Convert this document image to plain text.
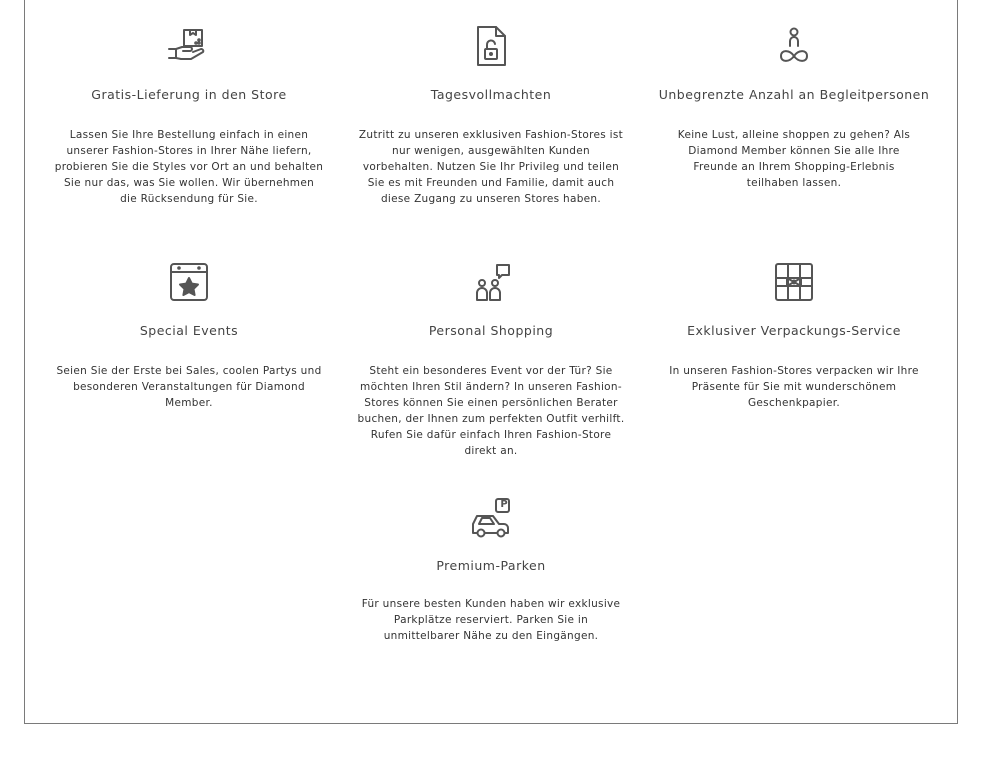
Gratis-Lieferung in den Store
Lassen Sie Ihre Bestellung einfach in einen unserer Fashion-Stores in Ihrer Nähe liefern, probieren Sie die Styles vor Ort an und behalten Sie nur das, was Sie wollen. Wir übernehmen die Rücksendung für Sie.
Tagesvollmachten
Zutritt zu unseren exklusiven Fashion-Stores ist nur wenigen, ausgewählten Kunden vorbehalten. Nutzen Sie Ihr Privileg und teilen Sie es mit Freunden und Familie, damit auch diese Zugang zu unseren Stores haben.
Unbegrenzte Anzahl an Begleitpersonen
Keine Lust, alleine shoppen zu gehen? Als Diamond Member können Sie alle Ihre Freunde an Ihrem Shopping-Erlebnis teilhaben lassen.
Special Events
Seien Sie der Erste bei Sales, coolen Partys und besonderen Veranstaltungen für Diamond Member.
Personal Shopping
Steht ein besonderes Event vor der Tür? Sie möchten Ihren Stil ändern? In unseren Fashion-Stores können Sie einen persönlichen Berater buchen, der Ihnen zum perfekten Outfit verhilft. Rufen Sie dafür einfach Ihren Fashion-Store direkt an.
Exklusiver Verpackungs-Service
In unseren Fashion-Stores verpacken wir Ihre Präsente für Sie mit wunderschönem Geschenkpapier.
P
Premium-Parken
Für unsere besten Kunden haben wir exklusive Parkplätze reserviert. Parken Sie in unmittelbarer Nähe zu den Eingängen.
